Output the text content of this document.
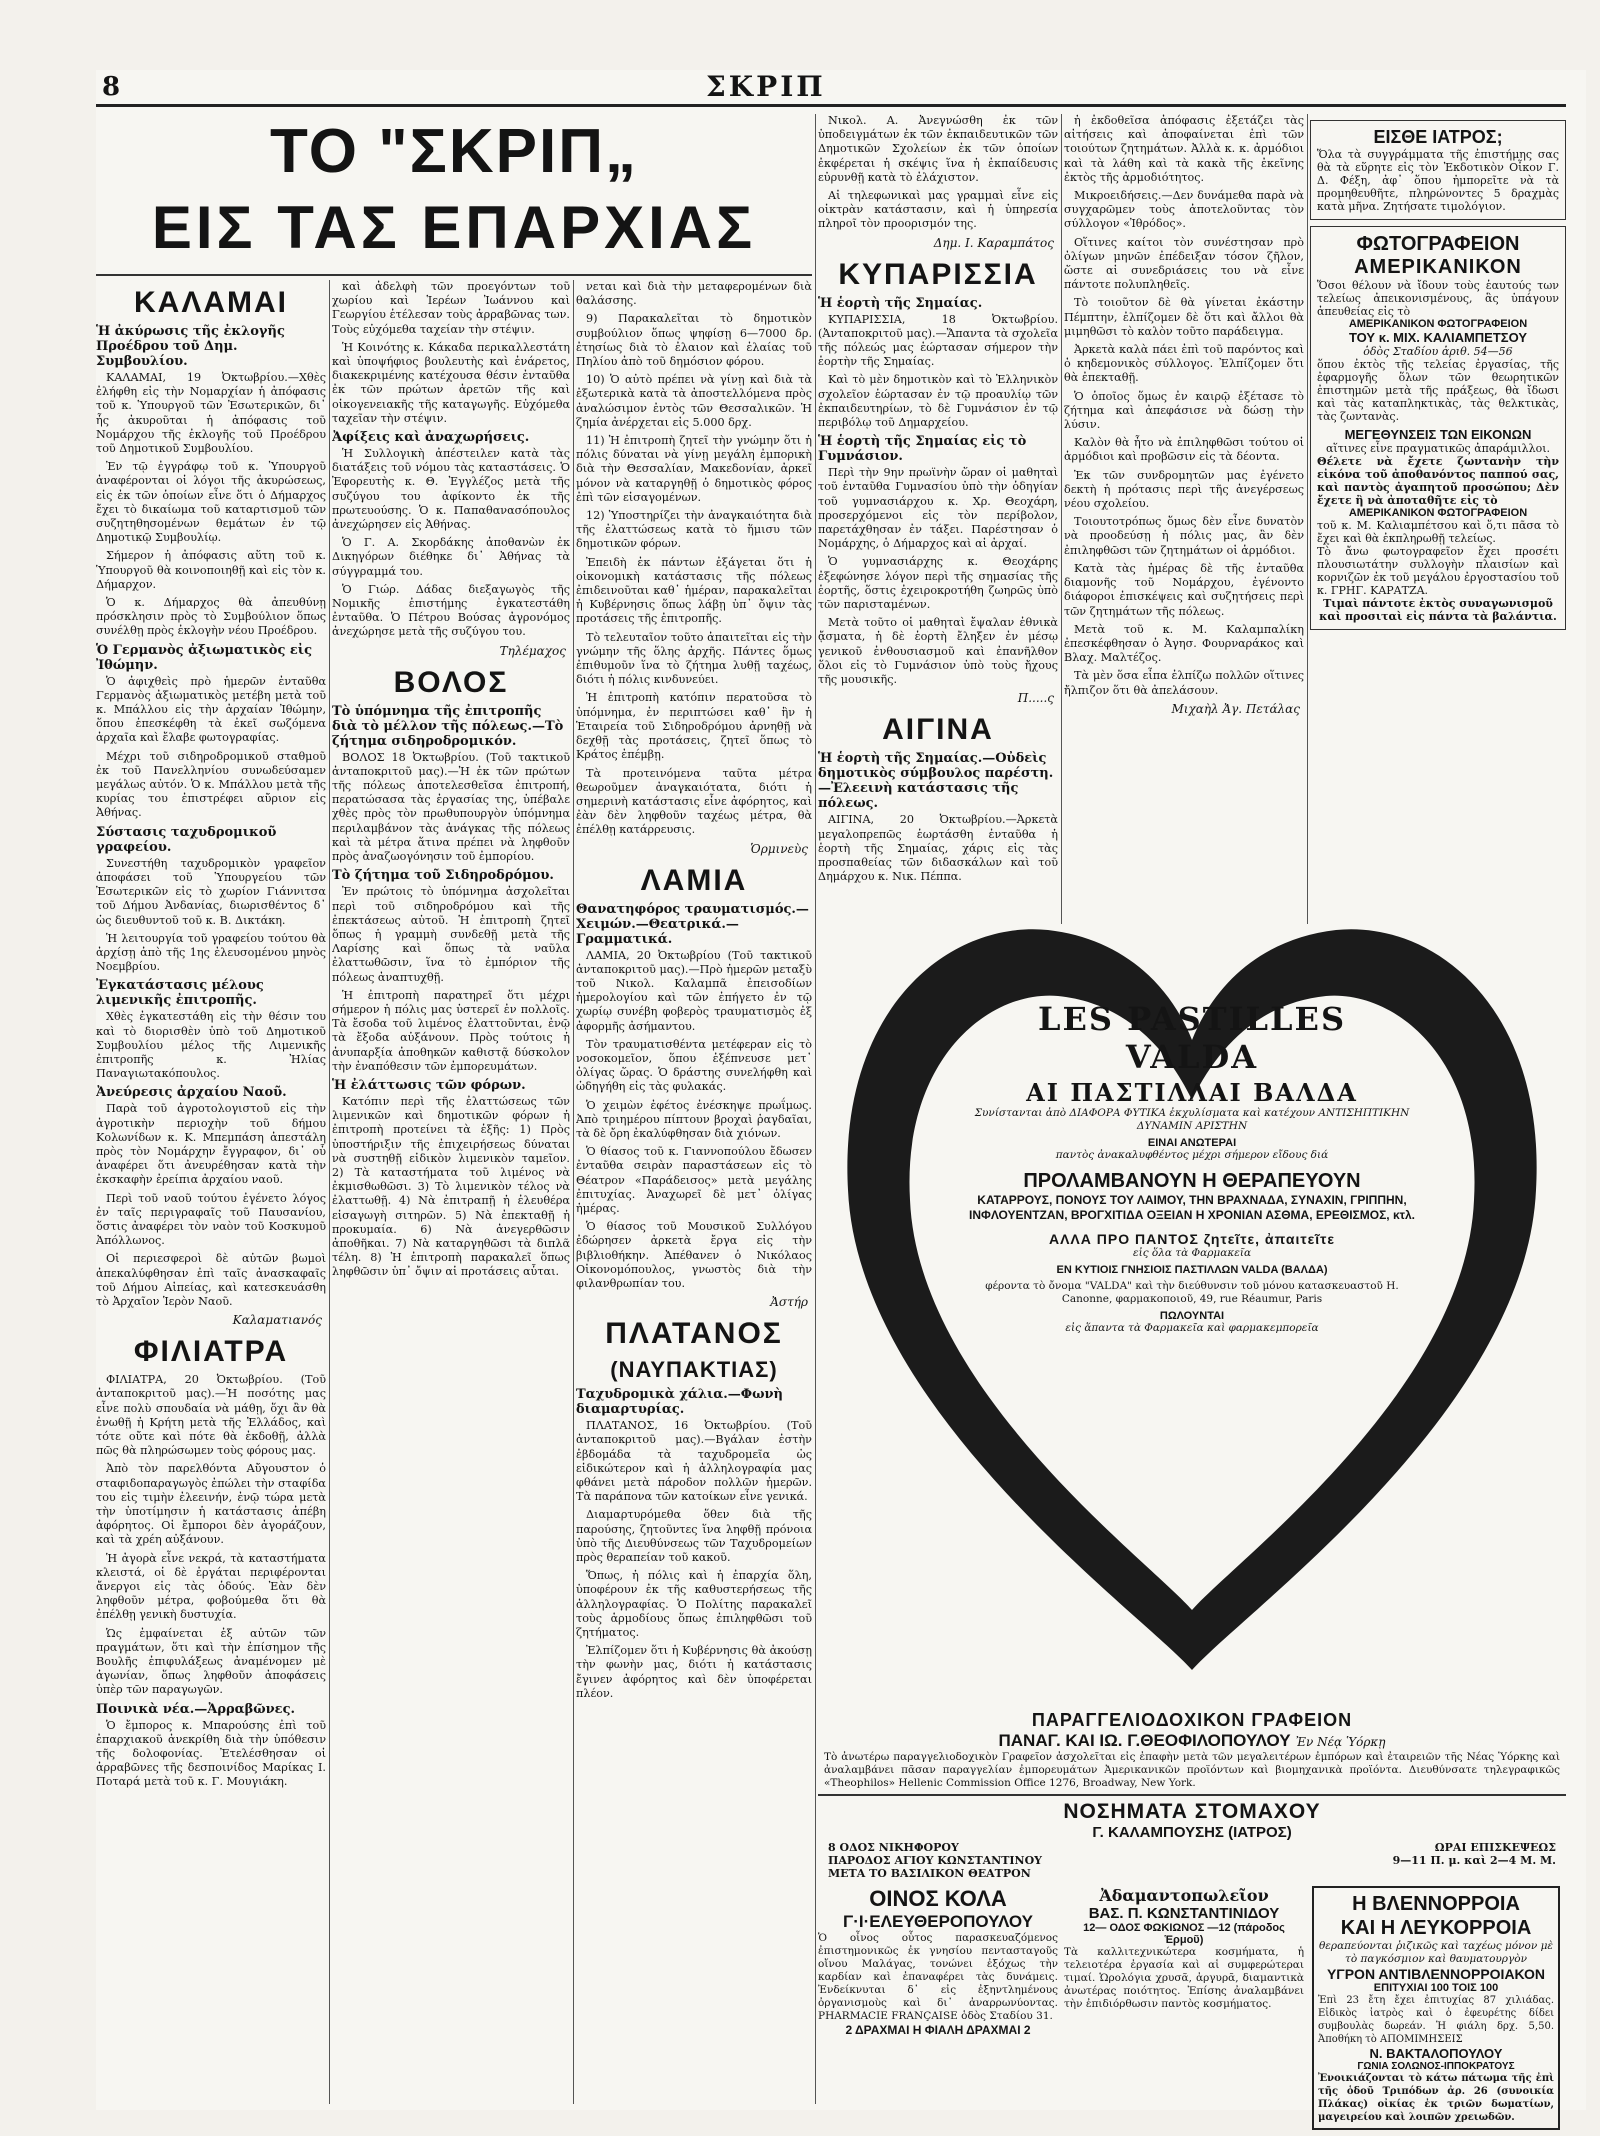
8	ΣΚΡΙΠ
ΤΟ "ΣΚΡΙΠ„
ΕΙΣ ΤΑΣ ΕΠΑΡΧΙΑΣ
ΚΑΛΑΜΑΙ
Ἡ ἀκύρωσις τῆς ἐκλογῆς Προέδρου τοῦ Δημ. Συμβουλίου.

ΚΑΛΑΜΑΙ, 19 Ὀκτωβρίου.—Χθὲς ἐλήφθη εἰς τὴν Νομαρχίαν ἡ ἀπόφασις τοῦ κ. Ὑπουργοῦ τῶν Ἐσωτερικῶν, δι᾽ ἧς ἀκυροῦται ἡ ἀπόφασις τοῦ Νομάρχου τῆς ἐκλογῆς τοῦ Προέδρου τοῦ Δημοτικοῦ Συμβουλίου.

Ἐν τῷ ἐγγράφῳ τοῦ κ. Ὑπουργοῦ ἀναφέρονται οἱ λόγοι τῆς ἀκυρώσεως, εἰς ἐκ τῶν ὁποίων εἶνε ὅτι ὁ Δήμαρχος ἔχει τὸ δικαίωμα τοῦ καταρτισμοῦ τῶν συζητηθησομένων θεμάτων ἐν τῷ Δημοτικῷ Συμβουλίῳ.

Σήμερον ἡ ἀπόφασις αὕτη τοῦ κ. Ὑπουργοῦ θὰ κοινοποιηθῇ καὶ εἰς τὸν κ. Δήμαρχον.

Ὁ κ. Δήμαρχος θὰ ἀπευθύνῃ πρόσκλησιν πρὸς τὸ Συμβούλιον ὅπως συνέλθῃ πρὸς ἐκλογὴν νέου Προέδρου.

Ὁ Γερμανὸς ἀξιωματικὸς εἰς Ἰθώμην.

Ὁ ἀφιχθεὶς πρὸ ἡμερῶν ἐνταῦθα Γερμανὸς ἀξιωματικὸς μετέβη μετὰ τοῦ κ. Μπάλλου εἰς τὴν ἀρχαίαν Ἰθώμην, ὅπου ἐπεσκέφθη τὰ ἐκεῖ σωζόμενα ἀρχαῖα καὶ ἔλαβε φωτογραφίας.

Μέχρι τοῦ σιδηροδρομικοῦ σταθμοῦ ἐκ τοῦ Πανελληνίου συνωδεύσαμεν μεγάλως αὐτόν. Ὁ κ. Μπάλλου μετὰ τῆς κυρίας του ἐπιστρέφει αὔριον εἰς Ἀθήνας.

Σύστασις ταχυδρομικοῦ γραφείου.

Συνεστήθη ταχυδρομικὸν γραφεῖον ἀποφάσει τοῦ Ὑπουργείου τῶν Ἐσωτερικῶν εἰς τὸ χωρίον Γιάννιτσα τοῦ Δήμου Ἀνδανίας, διωρισθέντος δ᾽ ὡς διευθυντοῦ τοῦ κ. Β. Δικτάκη.

Ἡ λειτουργία τοῦ γραφείου τούτου θὰ ἀρχίσῃ ἀπὸ τῆς 1ης ἐλευσομένου μηνὸς Νοεμβρίου.

Ἐγκατάστασις μέλους λιμενικῆς ἐπιτροπῆς.

Χθὲς ἐγκατεστάθη εἰς τὴν θέσιν του καὶ τὸ διορισθὲν ὑπὸ τοῦ Δημοτικοῦ Συμβουλίου μέλος τῆς Λιμενικῆς ἐπιτροπῆς κ. Ἠλίας Παναγιωτακόπουλος.

Ἀνεύρεσις ἀρχαίου Ναοῦ.

Παρὰ τοῦ ἀγροτολογιστοῦ εἰς τὴν ἀγροτικὴν περιοχὴν τοῦ δήμου Κολωνίδων κ. Κ. Μπεμπάση ἀπεστάλη πρὸς τὸν Νομάρχην ἔγγραφον, δι᾽ οὗ ἀναφέρει ὅτι ἀνευρέθησαν κατὰ τὴν ἐκσκαφὴν ἐρείπια ἀρχαίου ναοῦ.

Περὶ τοῦ ναοῦ τούτου ἐγένετο λόγος ἐν ταῖς περιγραφαῖς τοῦ Παυσανίου, ὅστις ἀναφέρει τὸν ναὸν τοῦ Κοσκυμοῦ Ἀπόλλωνος.

Οἱ περιεσφεροὶ δὲ αὐτῶν βωμοὶ ἀπεκαλύφθησαν ἐπὶ ταῖς ἀνασκαφαῖς τοῦ Δήμου Αἰπείας, καὶ κατεσκευάσθη τὸ Ἀρχαῖον Ἱερὸν Ναοῦ.

Καλαματιανός
ΦΙΛΙΑΤΡΑ

ΦΙΛΙΑΤΡΑ, 20 Ὀκτωβρίου. (Τοῦ ἀνταποκριτοῦ μας).—Ἡ ποσότης μας εἶνε πολὺ σπουδαία νὰ μάθῃ, ὅχι ἂν θὰ ἐνωθῇ ἡ Κρήτη μετὰ τῆς Ἑλλάδος, καὶ τότε οὔτε καὶ πότε θὰ ἐκδοθῇ, ἀλλὰ πῶς θὰ πληρώσωμεν τοὺς φόρους μας.

Ἀπὸ τὸν παρελθόντα Αὔγουστον ὁ σταφιδοπαραγωγὸς ἐπώλει τὴν σταφίδα του εἰς τιμὴν ἐλεεινήν, ἐνῷ τώρα μετὰ τὴν ὑποτίμησιν ἡ κατάστασις ἀπέβη ἀφόρητος. Οἱ ἔμποροι δὲν ἀγοράζουν, καὶ τὰ χρέη αὐξάνουν.

Ἡ ἀγορὰ εἶνε νεκρά, τὰ καταστήματα κλειστά, οἱ δὲ ἐργάται περιφέρονται ἄνεργοι εἰς τὰς ὁδούς. Ἐὰν δὲν ληφθοῦν μέτρα, φοβούμεθα ὅτι θὰ ἐπέλθῃ γενικὴ δυστυχία.

Ὡς ἐμφαίνεται ἐξ αὐτῶν τῶν πραγμάτων, ὅτι καὶ τὴν ἐπίσημον τῆς Βουλῆς ἐπιφυλάξεως ἀναμένομεν μὲ ἀγωνίαν, ὅπως ληφθοῦν ἀποφάσεις ὑπὲρ τῶν παραγωγῶν.

Ποινικὰ νέα.—Ἀρραβῶνες.

Ὁ ἔμπορος κ. Μπαρούσης ἐπὶ τοῦ ἐπαρχιακοῦ ἀνεκρίθη διὰ τὴν ὑπόθεσιν τῆς δολοφονίας. Ἐτελέσθησαν οἱ ἀρραβῶνες τῆς δεσποινίδος Μαρίκας Ι. Ποταρά μετὰ τοῦ κ. Γ. Μουγιάκη.

καὶ ἀδελφὴ τῶν προεγόντων τοῦ χωρίου καὶ Ἱερέων Ἰωάννου καὶ Γεωργίου ἐτέλεσαν τοὺς ἀρραβῶνας των. Τοὺς εὐχόμεθα ταχείαν τὴν στέψιν.

Ἡ Κοινότης κ. Κάκαδα περικαλλεστάτη καὶ ὑποψήφιος βουλευτὴς καὶ ἐνάρετος, διακεκριμένης κατέχουσα θέσιν ἐνταῦθα ἐκ τῶν πρώτων ἀρετῶν τῆς καὶ οἰκογενειακῆς τῆς καταγωγῆς. Εὐχόμεθα ταχεῖαν τὴν στέψιν.

Ἀφίξεις καὶ ἀναχωρήσεις.

Ἡ Συλλογικὴ ἀπέστειλεν κατὰ τὰς διατάξεις τοῦ νόμου τὰς καταστάσεις. Ὁ Ἐφορευτὴς κ. Θ. Ἐγγλέζος μετὰ τῆς συζύγου του ἀφίκοντο ἐκ τῆς πρωτευούσης. Ὁ κ. Παπαθανασόπουλος ἀνεχώρησεν εἰς Ἀθήνας.

Ὁ Γ. Α. Σκορδάκης ἀποθανὼν ἐκ Δικηγόρων διέθηκε δι᾽ Ἀθήνας τὰ σύγγραμμά του.

Ὁ Γιώρ. Δάδας διεξαγωγὸς τῆς Νομικῆς ἐπιστήμης ἐγκατεστάθη ἐνταῦθα. Ὁ Πέτρου Βούσας ἀγρονόμος ἀνεχώρησε μετὰ τῆς συζύγου του.

Τηλέμαχος
ΒΟΛΟΣ
Τὸ ὑπόμνημα τῆς ἐπιτροπῆς διὰ τὸ μέλλον τῆς πόλεως.—Τὸ ζήτημα σιδηροδρομικόν.

ΒΟΛΟΣ 18 Ὀκτωβρίου. (Τοῦ τακτικοῦ ἀνταποκριτοῦ μας).—Ἡ ἐκ τῶν πρώτων τῆς πόλεως ἀποτελεσθεῖσα ἐπιτροπή, περατώσασα τὰς ἐργασίας της, ὑπέβαλε χθὲς πρὸς τὸν πρωθυπουργὸν ὑπόμνημα περιλαμβάνον τὰς ἀνάγκας τῆς πόλεως καὶ τὰ μέτρα ἅτινα πρέπει νὰ ληφθοῦν πρὸς ἀναζωογόνησιν τοῦ ἐμπορίου.

Τὸ ζήτημα τοῦ Σιδηροδρόμου.

Ἐν πρώτοις τὸ ὑπόμνημα ἀσχολεῖται περὶ τοῦ σιδηροδρόμου καὶ τῆς ἐπεκτάσεως αὐτοῦ. Ἡ ἐπιτροπὴ ζητεῖ ὅπως ἡ γραμμὴ συνδεθῇ μετὰ τῆς Λαρίσης καὶ ὅπως τὰ ναῦλα ἐλαττωθῶσιν, ἵνα τὸ ἐμπόριον τῆς πόλεως ἀναπτυχθῇ.

Ἡ ἐπιτροπὴ παρατηρεῖ ὅτι μέχρι σήμερον ἡ πόλις μας ὑστερεῖ ἐν πολλοῖς. Τὰ ἔσοδα τοῦ λιμένος ἐλαττοῦνται, ἐνῷ τὰ ἔξοδα αὐξάνουν. Πρὸς τούτοις ἡ ἀνυπαρξία ἀποθηκῶν καθιστᾷ δύσκολον τὴν ἐναπόθεσιν τῶν ἐμπορευμάτων.

Ἡ ἐλάττωσις τῶν φόρων.

Κατόπιν περὶ τῆς ἐλαττώσεως τῶν λιμενικῶν καὶ δημοτικῶν φόρων ἡ ἐπιτροπὴ προτείνει τὰ ἑξῆς: 1) Πρὸς ὑποστήριξιν τῆς ἐπιχειρήσεως δύναται νὰ συστηθῇ εἰδικὸν λιμενικὸν ταμεῖον. 2) Τὰ καταστήματα τοῦ λιμένος νὰ ἐκμισθωθῶσι. 3) Τὸ λιμενικὸν τέλος νὰ ἐλαττωθῇ. 4) Νὰ ἐπιτραπῇ ἡ ἐλευθέρα εἰσαγωγὴ σιτηρῶν. 5) Νὰ ἐπεκταθῇ ἡ προκυμαία. 6) Νὰ ἀνεγερθῶσιν ἀποθῆκαι. 7) Νὰ καταργηθῶσι τὰ διπλᾶ τέλη. 8) Ἡ ἐπιτροπὴ παρακαλεῖ ὅπως ληφθῶσιν ὑπ᾽ ὄψιν αἱ προτάσεις αὗται.

νεται καὶ διὰ τὴν μεταφερομένων διὰ θαλάσσης.

9) Παρακαλεῖται τὸ δημοτικὸν συμβούλιον ὅπως ψηφίσῃ 6—7000 δρ. ἐτησίως διὰ τὸ ἐλαιον καὶ ἐλαίας τοῦ Πηλίου ἀπὸ τοῦ δημόσιον φόρου.

10) Ὁ αὐτὸ πρέπει νὰ γίνῃ καὶ διὰ τὰ ἐξωτερικὰ κατὰ τὰ ἀποστελλόμενα πρὸς ἀναλώσιμον ἐντὸς τῶν Θεσσαλικῶν. Ἡ ζημία ἀνέρχεται εἰς 5.000 δρχ.

11) Ἡ ἐπιτροπὴ ζητεῖ τὴν γνώμην ὅτι ἡ πόλις δύναται νὰ γίνῃ μεγάλη ἐμπορικὴ διὰ τὴν Θεσσαλίαν, Μακεδονίαν, ἀρκεῖ μόνον νὰ καταργηθῇ ὁ δημοτικὸς φόρος ἐπὶ τῶν εἰσαγομένων.

12) Ὑποστηρίζει τὴν ἀναγκαιότητα διὰ τῆς ἐλαττώσεως κατὰ τὸ ἥμισυ τῶν δημοτικῶν φόρων.

Ἐπειδὴ ἐκ πάντων ἐξάγεται ὅτι ἡ οἰκονομικὴ κατάστασις τῆς πόλεως ἐπιδεινοῦται καθ᾽ ἡμέραν, παρακαλεῖται ἡ Κυβέρνησις ὅπως λάβῃ ὑπ᾽ ὄψιν τὰς προτάσεις τῆς ἐπιτροπῆς.

Τὸ τελευταῖον τοῦτο ἀπαιτεῖται εἰς τὴν γνώμην τῆς ὅλης ἀρχῆς. Πάντες ὅμως ἐπιθυμοῦν ἵνα τὸ ζήτημα λυθῇ ταχέως, διότι ἡ πόλις κινδυνεύει.

Ἡ ἐπιτροπὴ κατόπιν περατοῦσα τὸ ὑπόμνημα, ἐν περιπτώσει καθ᾽ ἣν ἡ Ἑταιρεία τοῦ Σιδηροδρόμου ἀρνηθῇ νὰ δεχθῇ τὰς προτάσεις, ζητεῖ ὅπως τὸ Κράτος ἐπέμβῃ.

Τὰ προτεινόμενα ταῦτα μέτρα θεωροῦμεν ἀναγκαιότατα, διότι ἡ σημερινὴ κατάστασις εἶνε ἀφόρητος, καὶ ἐὰν δὲν ληφθοῦν ταχέως μέτρα, θὰ ἐπέλθῃ κατάρρευσις.

Ὁρμινεὺς
ΛΑΜΙΑ
Θανατηφόρος τραυματισμός.—Χειμών.—Θεατρικά.—Γραμματικά.

ΛΑΜΙΑ, 20 Ὀκτωβρίου (Τοῦ τακτικοῦ ἀνταποκριτοῦ μας).—Πρὸ ἡμερῶν μεταξὺ τοῦ Νικολ. Καλαμπᾶ ἐπεισοδίων ἡμερολογίου καὶ τῶν ἐπήγετο ἐν τῷ χωρίῳ συνέβη φοβερὸς τραυματισμὸς ἐξ ἀφορμῆς ἀσήμαντου.

Τὸν τραυματισθέντα μετέφεραν εἰς τὸ νοσοκομεῖον, ὅπου ἐξέπνευσε μετ᾽ ὀλίγας ὥρας. Ὁ δράστης συνελήφθη καὶ ὡδηγήθη εἰς τὰς φυλακάς.

Ὁ χειμὼν ἐφέτος ἐνέσκηψε πρωΐμως. Ἀπὸ τριημέρου πίπτουν βροχαὶ ῥαγδαῖαι, τὰ δὲ ὄρη ἐκαλύφθησαν διὰ χιόνων.

Ὁ θίασος τοῦ κ. Γιαννοπούλου ἔδωσεν ἐνταῦθα σειρὰν παραστάσεων εἰς τὸ Θέατρον «Παράδεισος» μετὰ μεγάλης ἐπιτυχίας. Ἀναχωρεῖ δὲ μετ᾽ ὀλίγας ἡμέρας.

Ὁ θίασος τοῦ Μουσικοῦ Συλλόγου ἐδώρησεν ἀρκετὰ ἔργα εἰς τὴν βιβλιοθήκην. Ἀπέθανεν ὁ Νικόλαος Οἰκονομόπουλος, γνωστὸς διὰ τὴν φιλανθρωπίαν του.

Ἀστήρ
ΠΛΑΤΑΝΟΣ
(ΝΑΥΠΑΚΤΙΑΣ)
Ταχυδρομικὰ χάλια.—Φωνὴ διαμαρτυρίας.

ΠΛΑΤΑΝΟΣ, 16 Ὀκτωβρίου. (Τοῦ ἀνταποκριτοῦ μας).—Βγάλαν ἐστὴν ἑβδομάδα τὰ ταχυδρομεῖα ὡς εἰδικώτερον καὶ ἡ ἀλληλογραφία μας φθάνει μετὰ πάροδον πολλῶν ἡμερῶν. Τὰ παράπονα τῶν κατοίκων εἶνε γενικά.

Διαμαρτυρόμεθα ὅθεν διὰ τῆς παρούσης, ζητοῦντες ἵνα ληφθῇ πρόνοια ὑπὸ τῆς Διευθύνσεως τῶν Ταχυδρομείων πρὸς θεραπείαν τοῦ κακοῦ.

Ὅπως, ἡ πόλις καὶ ἡ ἐπαρχία ὅλη, ὑποφέρουν ἐκ τῆς καθυστερήσεως τῆς ἀλληλογραφίας. Ὁ Πολίτης παρακαλεῖ τοὺς ἁρμοδίους ὅπως ἐπιληφθῶσι τοῦ ζητήματος.

Ἐλπίζομεν ὅτι ἡ Κυβέρνησις θὰ ἀκούσῃ τὴν φωνὴν μας, διότι ἡ κατάστασις ἔγινεν ἀφόρητος καὶ δὲν ὑποφέρεται πλέον.

Νικολ. Α. Ἀνεγνώσθη ἐκ τῶν ὑποδειγμάτων ἐκ τῶν ἐκπαιδευτικῶν τῶν Δημοτικῶν Σχολείων ἐκ τῶν ὁποίων ἐκφέρεται ἡ σκέψις ἵνα ἡ ἐκπαίδευσις εὐρυνθῇ κατὰ τὸ ἐλάχιστον.

Αἱ τηλεφωνικαὶ μας γραμμαὶ εἶνε εἰς οἰκτρὰν κατάστασιν, καὶ ἡ ὑπηρεσία πληροῖ τὸν προορισμόν της.

Δημ. Ι. Καραμπάτος
ΚΥΠΑΡΙΣΣΙΑ
Ἡ ἑορτὴ τῆς Σημαίας.

ΚΥΠΑΡΙΣΣΙΑ, 18 Ὀκτωβρίου. (Ἀνταποκριτοῦ μας).—Ἅπαντα τὰ σχολεῖα τῆς πόλεώς μας ἑώρτασαν σήμερον τὴν ἑορτὴν τῆς Σημαίας.

Καὶ τὸ μὲν δημοτικὸν καὶ τὸ Ἑλληνικὸν σχολεῖον ἑώρτασαν ἐν τῷ προαυλίῳ τῶν ἐκπαιδευτηρίων, τὸ δὲ Γυμνάσιον ἐν τῷ περιβόλῳ τοῦ Δημαρχείου.

Ἡ ἑορτὴ τῆς Σημαίας εἰς τὸ Γυμνάσιον.

Περὶ τὴν 9ην πρωϊνὴν ὥραν οἱ μαθηταὶ τοῦ ἐνταῦθα Γυμνασίου ὑπὸ τὴν ὁδηγίαν τοῦ γυμνασιάρχου κ. Χρ. Θεοχάρη, προσερχόμενοι εἰς τὸν περίβολον, παρετάχθησαν ἐν τάξει. Παρέστησαν ὁ Νομάρχης, ὁ Δήμαρχος καὶ αἱ ἀρχαί.

Ὁ γυμνασιάρχης κ. Θεοχάρης ἐξεφώνησε λόγον περὶ τῆς σημασίας τῆς ἑορτῆς, ὅστις ἐχειροκροτήθη ζωηρῶς ὑπὸ τῶν παρισταμένων.

Μετὰ τοῦτο οἱ μαθηταὶ ἔψαλαν ἐθνικὰ ᾄσματα, ἡ δὲ ἑορτὴ ἔληξεν ἐν μέσῳ γενικοῦ ἐνθουσιασμοῦ καὶ ἐπανῆλθον ὅλοι εἰς τὸ Γυμνάσιον ὑπὸ τοὺς ἤχους τῆς μουσικῆς.

Π.....ς
ΑΙΓΙΝΑ
Ἡ ἑορτὴ τῆς Σημαίας.—Οὐδεὶς δημοτικὸς σύμβουλος παρέστη.—Ἐλεεινὴ κατάστασις τῆς πόλεως.

ΑΙΓΙΝΑ, 20 Ὀκτωβρίου.—Ἀρκετὰ μεγαλοπρεπῶς ἑωρτάσθη ἐνταῦθα ἡ ἑορτὴ τῆς Σημαίας, χάρις εἰς τὰς προσπαθείας τῶν διδασκάλων καὶ τοῦ Δημάρχου κ. Νικ. Πέππα.

ἡ ἐκδοθεῖσα ἀπόφασις ἐξετάζει τὰς αἰτήσεις καὶ ἀποφαίνεται ἐπὶ τῶν τοιούτων ζητημάτων. Ἀλλὰ κ. κ. ἀρμόδιοι καὶ τὰ λάθη καὶ τὰ κακὰ τῆς ἐκεῖνης ἐκτὸς τῆς ἀρμοδιότητος.

Μικροειδήσεις.—Δεν δυνάμεθα παρὰ νὰ συγχαρῶμεν τοὺς ἀποτελοῦντας τὸν σύλλογον «Ἰθρόδος».

Οἵτινες καίτοι τὸν συνέστησαν πρὸ ὀλίγων μηνῶν ἐπέδειξαν τόσον ζῆλον, ὥστε αἱ συνεδριάσεις του νὰ εἶνε πάντοτε πολυπληθεῖς.

Τὸ τοιοῦτον δὲ θὰ γίνεται ἐκάστην Πέμπτην, ἐλπίζομεν δὲ ὅτι καὶ ἄλλοι θὰ μιμηθῶσι τὸ καλὸν τοῦτο παράδειγμα.

Ἀρκετὰ καλὰ πάει ἐπὶ τοῦ παρόντος καὶ ὁ κηδεμονικὸς σύλλογος. Ἐλπίζομεν ὅτι θὰ ἐπεκταθῇ.

Ὁ ὁποῖος ὅμως ἐν καιρῷ ἐξέτασε τὸ ζήτημα καὶ ἀπεφάσισε νὰ δώσῃ τὴν λύσιν.

Καλὸν θὰ ἦτο νὰ ἐπιληφθῶσι τούτου οἱ ἁρμόδιοι καὶ προβῶσιν εἰς τὰ δέοντα.

Ἐκ τῶν συνδρομητῶν μας ἐγένετο δεκτὴ ἡ πρότασις περὶ τῆς ἀνεγέρσεως νέου σχολείου.

Τοιουτοτρόπως ὅμως δὲν εἶνε δυνατὸν νὰ προοδεύσῃ ἡ πόλις μας, ἂν δὲν ἐπιληφθῶσι τῶν ζητημάτων οἱ ἁρμόδιοι.

Κατὰ τὰς ἡμέρας δὲ τῆς ἐνταῦθα διαμονῆς τοῦ Νομάρχου, ἐγένοντο διάφοροι ἐπισκέψεις καὶ συζητήσεις περὶ τῶν ζητημάτων τῆς πόλεως.

Μετὰ τοῦ κ. Μ. Καλαμπαλίκη ἐπεσκέφθησαν ὁ Ἀγησ. Φουρναράκος καὶ Βλαχ. Μαλτέζος.

Τὰ μὲν ὅσα εἶπα ἐλπίζω πολλῶν οἵτινες ἤλπιζον ὅτι θὰ ἀπελάσουν.

Μιχαὴλ Ἀγ. Πετάλας
ΕΙΣΘΕ ΙΑΤΡΟΣ;
Ὅλα τὰ συγγράμματα τῆς ἐπιστήμης σας θὰ τὰ εὕρητε εἰς τὸν Ἐκδοτικὸν Οἶκον Γ. Δ. Φέξη, ἀφ᾽ ὅπου ἠμπορεῖτε νὰ τὰ προμηθευθῆτε, πληρώνοντες 5 δραχμὰς κατὰ μῆνα. Ζητήσατε τιμολόγιον.
ΦΩΤΟΓΡΑΦΕΙΟΝ
ΑΜΕΡΙΚΑΝΙΚΟΝ
Ὅσοι θέλουν νὰ ἴδουν τοὺς ἑαυτούς των τελείως ἀπεικονισμένους, ἃς ὑπάγουν ἀπευθείας εἰς τὸ
ΑΜΕΡΙΚΑΝΙΚΟΝ ΦΩΤΟΓΡΑΦΕΙΟΝ
ΤΟΥ κ. ΜΙΧ. ΚΑΛΙΑΜΠΕΤΣΟΥ
ὁδὸς Σταδίου ἀριθ. 54—56
ὅπου ἐκτὸς τῆς τελείας ἐργασίας, τῆς ἐφαρμογῆς ὅλων τῶν θεωρητικῶν ἐπιστημῶν μετὰ τῆς πράξεως, θὰ ἴδωσι καὶ τὰς καταπληκτικὰς, τὰς θελκτικὰς, τὰς ζωντανὰς.
ΜΕΓΕΘΥΝΣΕΙΣ ΤΩΝ ΕΙΚΟΝΩΝ
αἵτινες εἶνε πραγματικῶς ἀπαράμιλλοι.
Θέλετε νὰ ἔχετε ζωντανὴν τὴν εἰκόνα τοῦ ἀποθανόντος παππού σας, καὶ παντὸς ἀγαπητοῦ προσώπου; Δὲν ἔχετε ἢ νὰ ἀποταθῆτε εἰς τὸ
ΑΜΕΡΙΚΑΝΙΚΟΝ ΦΩΤΟΓΡΑΦΕΙΟΝ
τοῦ κ. Μ. Καλιαμπέτσου καὶ ὅ,τι πᾶσα τὸ ἔχει καὶ θὰ ἐκπληρωθῇ τελείως.
Τὸ ἄνω φωτογραφεῖον ἔχει προσέτι πλουσιωτάτην συλλογὴν πλαισίων καὶ κορνιζῶν ἐκ τοῦ μεγάλου ἐργοστασίου τοῦ κ. ΓΡΗΓ. ΚΑΡΑΤΖΑ.
Τιμαὶ πάντοτε ἐκτὸς συναγωνισμοῦ καὶ προσιταὶ εἰς πάντα τὰ βαλάντια.
LES PASTILLES VALDA
ΑΙ ΠΑΣΤΙΛΛΑΙ ΒΑΛΔΑ
Συνίστανται ἀπὸ ΔΙΑΦΟΡΑ ΦΥΤΙΚΑ ἐκχυλίσματα καὶ κατέχουν ΑΝΤΙΣΗΠΤΙΚΗΝ ΔΥΝΑΜΙΝ ΑΡΙΣΤΗΝ
ΕΙΝΑΙ ΑΝΩΤΕΡΑΙ
παντὸς ἀνακαλυφθέντος μέχρι σήμερον εἴδους διά
ΠΡΟΛΑΜΒΑΝΟΥΝ Η ΘΕΡΑΠΕΥΟΥΝ
ΚΑΤΑΡΡΟΥΣ, ΠΟΝΟΥΣ ΤΟΥ ΛΑΙΜΟΥ, ΤΗΝ ΒΡΑΧΝΑΔΑ, ΣΥΝΑΧΙΝ, ΓΡΙΠΠΗΝ, ΙΝΦΛΟΥΕΝΤΖΑΝ, ΒΡΟΓΧΙΤΙΔΑ ΟΞΕΙΑΝ Η ΧΡΟΝΙΑΝ ΑΣΘΜΑ, ΕΡΕΘΙΣΜΟΣ, κτλ.
ΑΛΛΑ ΠΡΟ ΠΑΝΤΟΣ ζητεῖτε, ἀπαιτεῖτε
εἰς ὅλα τὰ Φαρμακεῖα
ΕΝ ΚΥΤΙΟΙΣ ΓΝΗΣΙΟΙΣ ΠΑΣΤΙΛΛΩΝ VALDA (ΒΑΛΔΑ)
φέροντα τὸ ὄνομα "VALDA" καὶ τὴν διεύθυνσιν τοῦ μόνου κατασκευαστοῦ H. Canonne, φαρμακοποιοῦ, 49, rue Réaumur, Paris
ΠΩΛΟΥΝΤΑΙ
εἰς ἅπαντα τὰ Φαρμακεῖα καὶ φαρμακεμπορεῖα
ΠΑΡΑΓΓΕΛΙΟΔΟΧΙΚΟΝ ΓΡΑΦΕΙΟΝ
ΠΑΝΑΓ. ΚΑΙ ΙΩ. Γ.ΘΕΟΦΙΛΟΠΟΥΛΟΥ Ἐν Νέᾳ Ὑόρκῃ
Τὸ ἀνωτέρω παραγγελιοδοχικὸν Γραφεῖον ἀσχολεῖται εἰς ἐπαφὴν μετὰ τῶν μεγαλειτέρων ἐμπόρων καὶ ἐταιρειῶν τῆς Νέας Ὑόρκης καὶ ἀναλαμβάνει πᾶσαν παραγγελίαν ἐμπορευμάτων Ἀμερικανικῶν προϊόντων καὶ βιομηχανικὰ προϊόντα. Διευθύνσατε τηλεγραφικῶς «Theophilos» Hellenic Commission Office 1276, Broadway, New York.
ΝΟΣΗΜΑΤΑ ΣΤΟΜΑΧΟΥ
Γ. ΚΑΛΑΜΠΟΥΣΗΣ (ΙΑΤΡΟΣ)
8 ΟΔΟΣ ΝΙΚΗΦΟΡΟΥ
ΠΑΡΟΔΟΣ ΑΓΙΟΥ ΚΩΝΣΤΑΝΤΙΝΟΥ
ΜΕΤΑ ΤΟ ΒΑΣΙΛΙΚΟΝ ΘΕΑΤΡΟΝ
ΩΡΑΙ ΕΠΙΣΚΕΨΕΩΣ
9—11 Π. μ. καὶ 2—4 Μ. Μ.
ΟΙΝΟΣ ΚΟΛΑ
Γ·Ι·ΕΛΕΥΘΕΡΟΠΟΥΛΟΥ
Ὁ οἶνος οὗτος παρασκευαζόμενος ἐπιστημονικῶς ἐκ γνησίου πεντασταγοῦς οἴνου Μαλάγας, τονώνει ἐξόχως τὴν καρδίαν καὶ ἐπαναφέρει τὰς δυνάμεις. Ἐνδείκνυται δ᾽ εἰς ἐξηντλημένους ὀργανισμοὺς καὶ δι᾽ ἀναρρωνύοντας. PHARMACIE FRANÇAISE ὁδὸς Σταδίου 31.
2 ΔΡΑΧΜΑΙ Η ΦΙΑΛΗ ΔΡΑΧΜΑΙ 2
Ἀδαμαντοπωλεῖον
ΒΑΣ. Π. ΚΩΝΣΤΑΝΤΙΝΙΔΟΥ
12— ΟΔΟΣ ΦΩΚΙΩΝΟΣ —12 (πάροδος Ἑρμοῦ)
Τὰ καλλιτεχνικώτερα κοσμήματα, ἡ τελειοτέρα ἐργασία καὶ αἱ συμφερώτεραι τιμαί. Ὡρολόγια χρυσᾶ, ἀργυρᾶ, διαμαντικὰ ἀνωτέρας ποιότητος. Ἐπίσης ἀναλαμβάνει τὴν ἐπιδιόρθωσιν παντὸς κοσμήματος.
Η ΒΛΕΝΝΟΡΡΟΙΑ
ΚΑΙ Η ΛΕΥΚΟΡΡΟΙΑ
θεραπεύονται ῥιζικῶς καὶ ταχέως μόνον μὲ τὸ παγκόσμιον καὶ θαυματουργὸν
ΥΓΡΟΝ ΑΝΤΙΒΛΕΝΝΟΡΡΟΙΑΚΟΝ
ΕΠΙΤΥΧΙΑΙ 100 ΤΟΙΣ 100
Ἐπὶ 23 ἔτη ἔχει ἐπιτυχίας 87 χιλιάδας. Εἰδικὸς ἰατρὸς καὶ ὁ ἐφευρέτης δίδει συμβουλὰς δωρεάν. Ἡ φιάλη δρχ. 5,50. Ἀποθήκη τὸ ΑΠΟΜΙΜΗΣΕΙΣ
Ν. ΒΑΚΤΑΛΟΠΟΥΛΟΥ
ΓΩΝΙΑ ΣΟΛΩΝΟΣ-ΙΠΠΟΚΡΑΤΟΥΣ
Ἐνοικιάζονται τὸ κάτω πάτωμα τῆς ἐπὶ τῆς ὁδοῦ Τριπόδων ἀρ. 26 (συνοικία Πλάκας) οἰκίας ἐκ τριῶν δωματίων, μαγειρείου καὶ λοιπῶν χρειωδῶν.
